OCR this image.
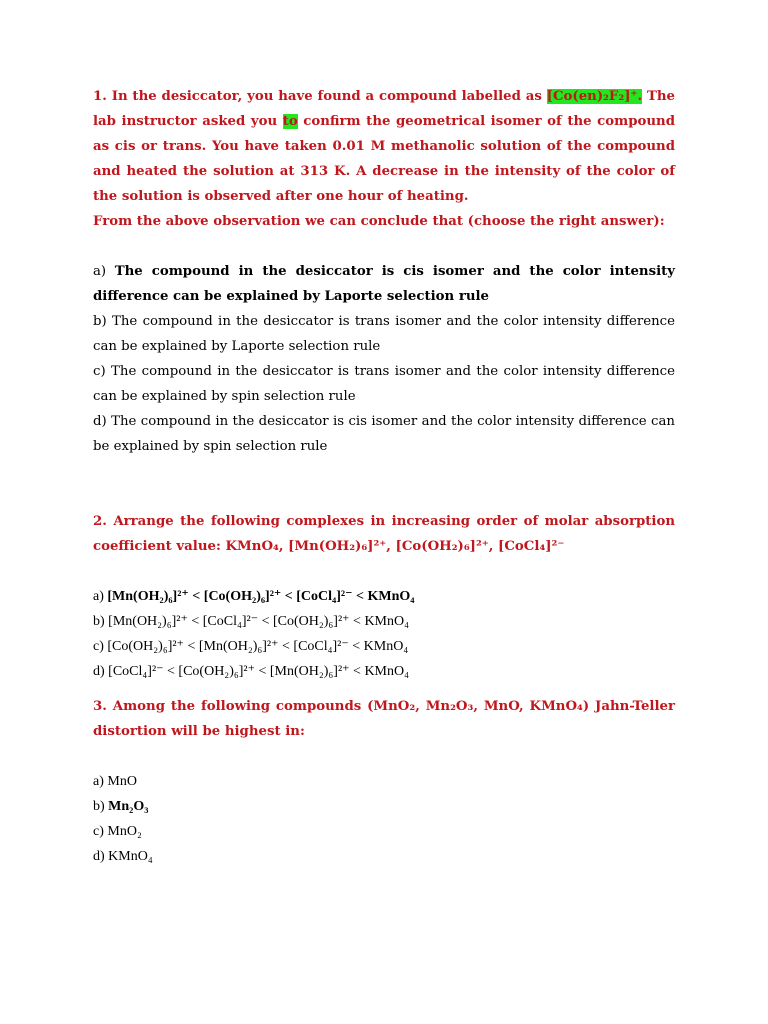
1. In the desiccator, you have found a compound labelled as [Co(en)₂F₂]⁺. The lab instructor asked you to confirm the geometrical isomer of the compound as cis or trans. You have taken 0.01 M methanolic solution of the compound and heated the solution at 313 K. A decrease in the intensity of the color of the solution is observed after one hour of heating.

From the above observation we can conclude that (choose the right answer):

a) The compound in the desiccator is cis isomer and the color intensity difference can be explained by Laporte selection rule

b) The compound in the desiccator is trans isomer and the color intensity difference can be explained by Laporte selection rule

c) The compound in the desiccator is trans isomer and the color intensity difference can be explained by spin selection rule

d) The compound in the desiccator is cis isomer and the color intensity difference can be explained by spin selection rule

2. Arrange the following complexes in increasing order of molar absorption coefficient value: KMnO₄, [Mn(OH₂)₆]²⁺, [Co(OH₂)₆]²⁺, [CoCl₄]²⁻

a) [Mn(OH₂)₆]²⁺ < [Co(OH₂)₆]²⁺ < [CoCl₄]²⁻ < KMnO₄

b) [Mn(OH₂)₆]²⁺ < [CoCl₄]²⁻ < [Co(OH₂)₆]²⁺ < KMnO₄

c) [Co(OH₂)₆]²⁺ < [Mn(OH₂)₆]²⁺ < [CoCl₄]²⁻ < KMnO₄

d) [CoCl₄]²⁻ < [Co(OH₂)₆]²⁺ < [Mn(OH₂)₆]²⁺ < KMnO₄

3. Among the following compounds (MnO₂, Mn₂O₃, MnO, KMnO₄) Jahn-Teller distortion will be highest in:

a) MnO

b) Mn₂O₃

c) MnO₂

d) KMnO₄
